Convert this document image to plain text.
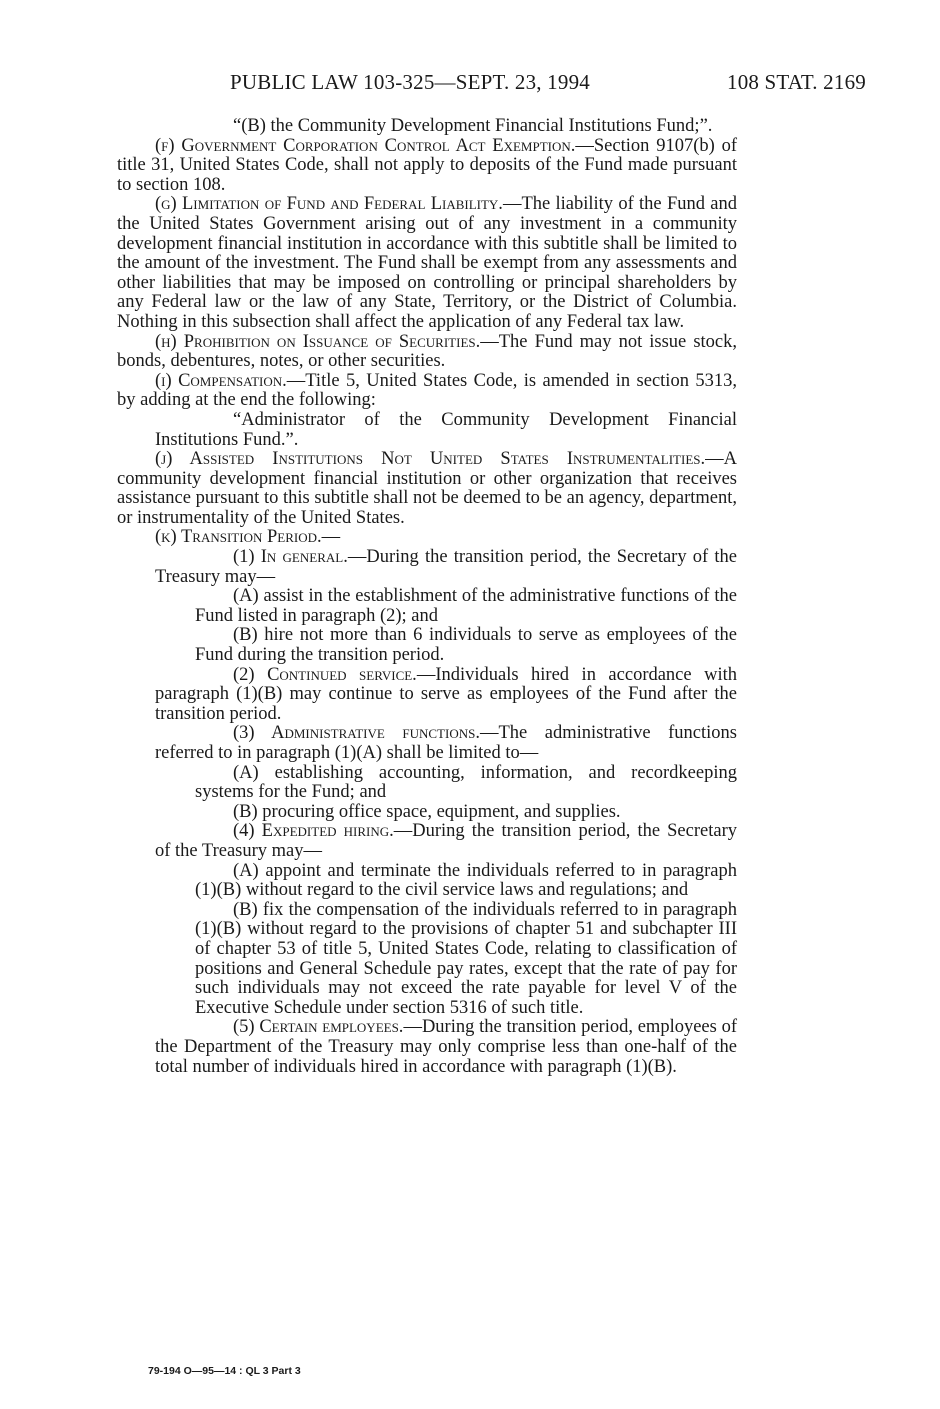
PUBLIC LAW 103-325—SEPT. 23, 1994	108 STAT. 2169

“(B) the Community Development Financial Institutions Fund;”.

(f) Government Corporation Control Act Exemption.—Section 9107(b) of title 31, United States Code, shall not apply to deposits of the Fund made pursuant to section 108.

(g) Limitation of Fund and Federal Liability.—The liability of the Fund and the United States Government arising out of any investment in a community development financial institution in accordance with this subtitle shall be limited to the amount of the investment. The Fund shall be exempt from any assessments and other liabilities that may be imposed on controlling or principal shareholders by any Federal law or the law of any State, Territory, or the District of Columbia. Nothing in this subsection shall affect the application of any Federal tax law.

(h) Prohibition on Issuance of Securities.—The Fund may not issue stock, bonds, debentures, notes, or other securities.

(i) Compensation.—Title 5, United States Code, is amended in section 5313, by adding at the end the following:

“Administrator of the Community Development Financial Institutions Fund.”.

(j) Assisted Institutions Not United States Instrumentalities.—A community development financial institution or other organization that receives assistance pursuant to this subtitle shall not be deemed to be an agency, department, or instrumentality of the United States.

(k) Transition Period.—

(1) In general.—During the transition period, the Secretary of the Treasury may—

(A) assist in the establishment of the administrative functions of the Fund listed in paragraph (2); and

(B) hire not more than 6 individuals to serve as employees of the Fund during the transition period.

(2) Continued service.—Individuals hired in accordance with paragraph (1)(B) may continue to serve as employees of the Fund after the transition period.

(3) Administrative functions.—The administrative functions referred to in paragraph (1)(A) shall be limited to—

(A) establishing accounting, information, and recordkeeping systems for the Fund; and

(B) procuring office space, equipment, and supplies.

(4) Expedited hiring.—During the transition period, the Secretary of the Treasury may—

(A) appoint and terminate the individuals referred to in paragraph (1)(B) without regard to the civil service laws and regulations; and

(B) fix the compensation of the individuals referred to in paragraph (1)(B) without regard to the provisions of chapter 51 and subchapter III of chapter 53 of title 5, United States Code, relating to classification of positions and General Schedule pay rates, except that the rate of pay for such individuals may not exceed the rate payable for level V of the Executive Schedule under section 5316 of such title.

(5) Certain employees.—During the transition period, employees of the Department of the Treasury may only comprise less than one-half of the total number of individuals hired in accordance with paragraph (1)(B).

79-194 O—95—14 : QL 3 Part 3
